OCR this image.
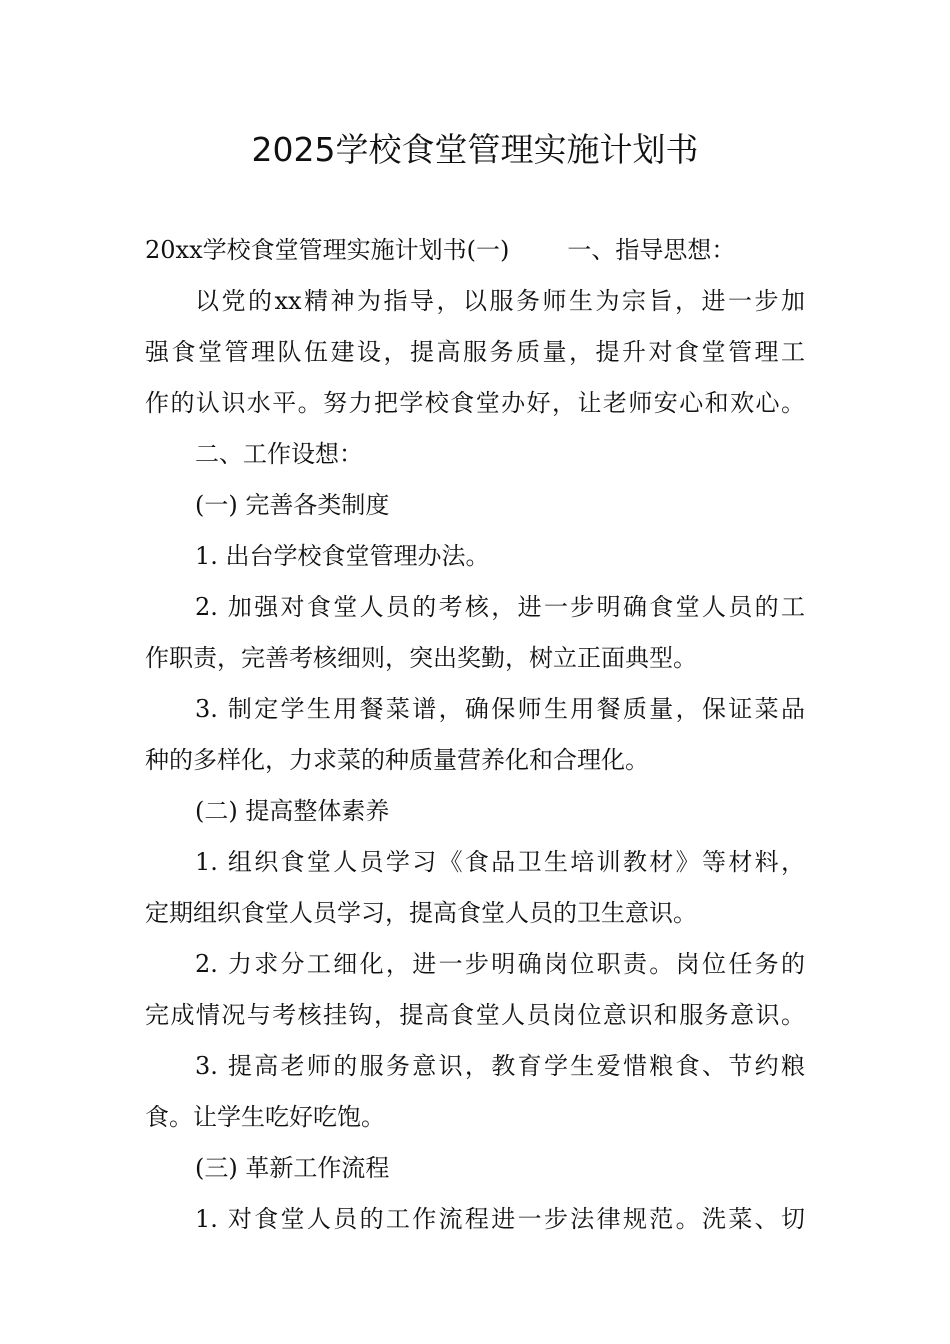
2025学校食堂管理实施计划书
20xx学校食堂管理实施计划书(一) 一、指导思想：
以党的xx精神为指导，以服务师生为宗旨，进一步加
强食堂管理队伍建设，提高服务质量，提升对食堂管理工
作的认识水平。努力把学校食堂办好，让老师安心和欢心。
二、工作设想：
(一) 完善各类制度
1. 出台学校食堂管理办法。
2. 加强对食堂人员的考核，进一步明确食堂人员的工
作职责，完善考核细则，突出奖勤，树立正面典型。
3. 制定学生用餐菜谱，确保师生用餐质量，保证菜品
种的多样化，力求菜的种质量营养化和合理化。
(二) 提高整体素养
1. 组织食堂人员学习《食品卫生培训教材》等材料，
定期组织食堂人员学习，提高食堂人员的卫生意识。
2. 力求分工细化，进一步明确岗位职责。岗位任务的
完成情况与考核挂钩，提高食堂人员岗位意识和服务意识。
3. 提高老师的服务意识，教育学生爱惜粮食、节约粮
食。让学生吃好吃饱。
(三) 革新工作流程
1. 对食堂人员的工作流程进一步法律规范。洗菜、切
